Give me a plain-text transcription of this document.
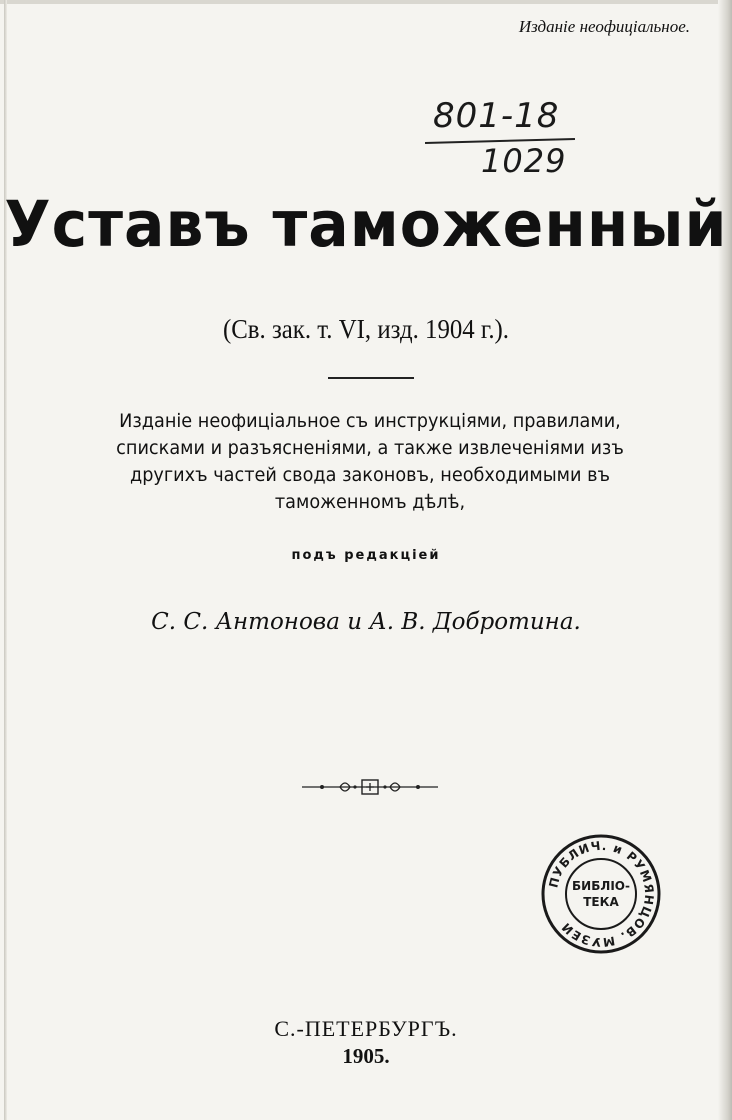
Изданіе неофиціальное.
801-18
1029
Уставъ таможенный
(Св. зак. т. VI, изд. 1904 г.).
Изданіе неофиціальное съ инструкціями, правилами, списками и разъясненіями, а также извлеченіями изъ другихъ частей свода законовъ, необходимыми въ таможенномъ дѣлѣ,
подъ редакціей
С. С. Антонова и А. В. Добротина.
ПУБЛИЧ. и РУМЯНЦОВ. МУЗЕИ
БИБЛІО-
ТЕКА
С.-ПЕТЕРБУРГЪ.
1905.
